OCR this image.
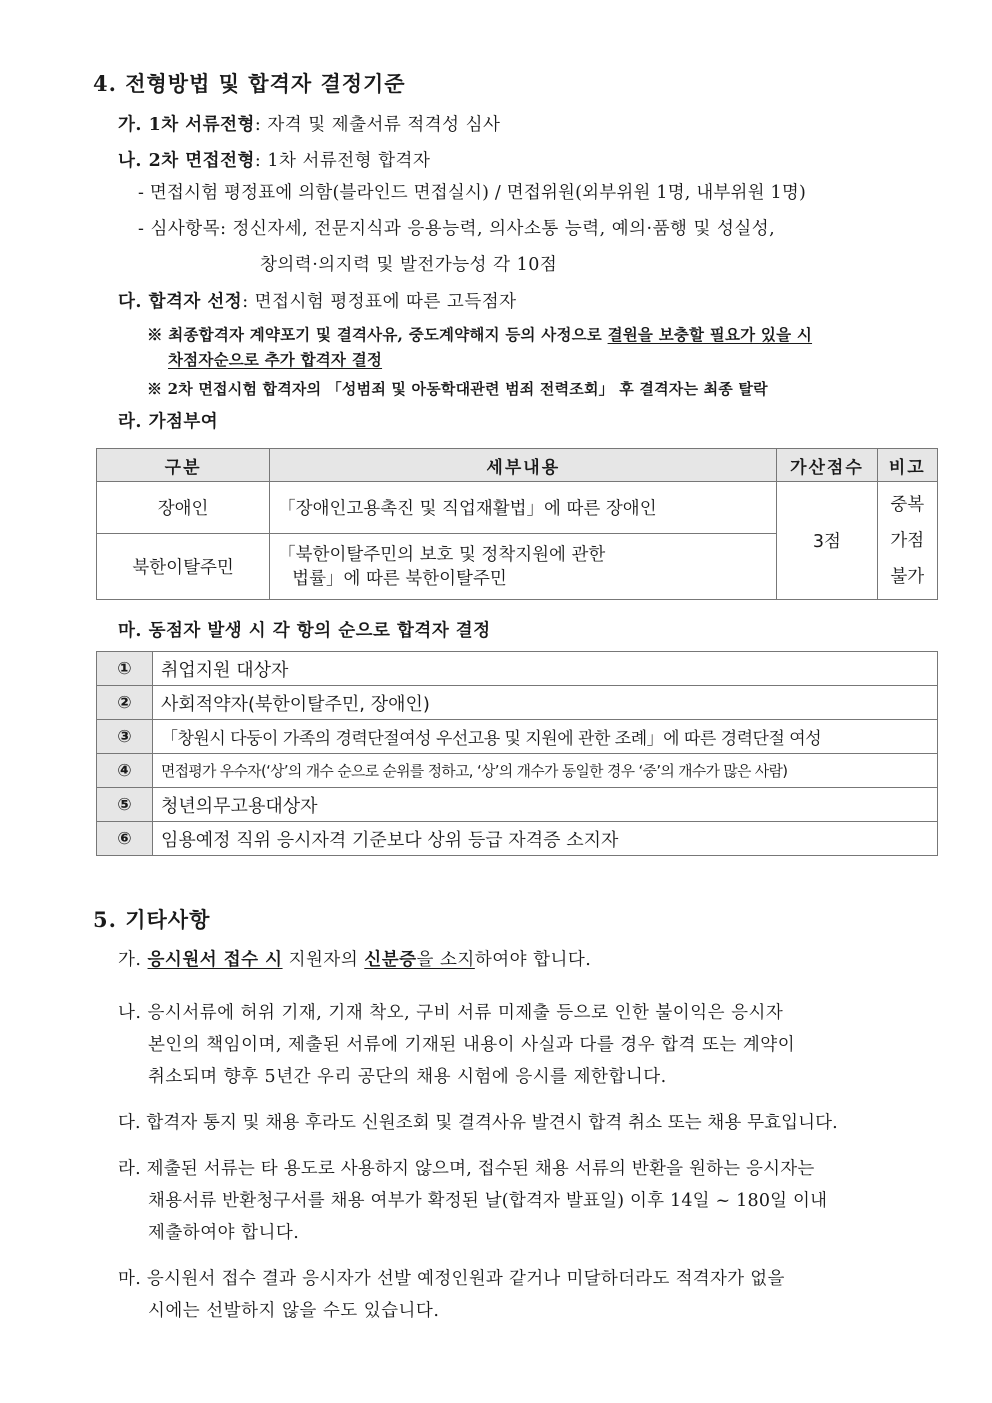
4. 전형방법 및 합격자 결정기준
가. 1차 서류전형: 자격 및 제출서류 적격성 심사
나. 2차 면접전형: 1차 서류전형 합격자
- 면접시험 평정표에 의함(블라인드 면접실시) / 면접위원(외부위원 1명, 내부위원 1명)
- 심사항목: 정신자세, 전문지식과 응용능력, 의사소통 능력, 예의·품행 및 성실성,
창의력·의지력 및 발전가능성 각 10점
다. 합격자 선정: 면접시험 평정표에 따른 고득점자
※ 최종합격자 계약포기 및 결격사유, 중도계약해지 등의 사정으로 결원을 보충할 필요가 있을 시
차점자순으로 추가 합격자 결정
※ 2차 면접시험 합격자의 「성범죄 및 아동학대관련 범죄 전력조회」 후 결격자는 최종 탈락
라. 가점부여
구분	세부내용	가산점수	비고
장애인	「장애인고용촉진 및 직업재활법」에 따른 장애인	3점	중복
가점
불가

북한이탈주민	「북한이탈주민의 보호 및 정착지원에 관한
법률」에 따른 북한이탈주민		
마. 동점자 발생 시 각 항의 순으로 합격자 결정
①	취업지원 대상자
②	사회적약자(북한이탈주민, 장애인)
③	「창원시 다둥이 가족의 경력단절여성 우선고용 및 지원에 관한 조례」에 따른 경력단절 여성
④	면접평가 우수자(‘상’의 개수 순으로 순위를 정하고, ‘상’의 개수가 동일한 경우 ‘중’의 개수가 많은 사람)
⑤	청년의무고용대상자
⑥	임용예정 직위 응시자격 기준보다 상위 등급 자격증 소지자
5. 기타사항
가. 응시원서 접수 시 지원자의 신분증을 소지하여야 합니다.
나. 응시서류에 허위 기재, 기재 착오, 구비 서류 미제출 등으로 인한 불이익은 응시자
본인의 책임이며, 제출된 서류에 기재된 내용이 사실과 다를 경우 합격 또는 계약이
취소되며 향후 5년간 우리 공단의 채용 시험에 응시를 제한합니다.
다. 합격자 통지 및 채용 후라도 신원조회 및 결격사유 발견시 합격 취소 또는 채용 무효입니다.
라. 제출된 서류는 타 용도로 사용하지 않으며, 접수된 채용 서류의 반환을 원하는 응시자는
채용서류 반환청구서를 채용 여부가 확정된 날(합격자 발표일) 이후 14일 ~ 180일 이내
제출하여야 합니다.
마. 응시원서 접수 결과 응시자가 선발 예정인원과 같거나 미달하더라도 적격자가 없을
시에는 선발하지 않을 수도 있습니다.
